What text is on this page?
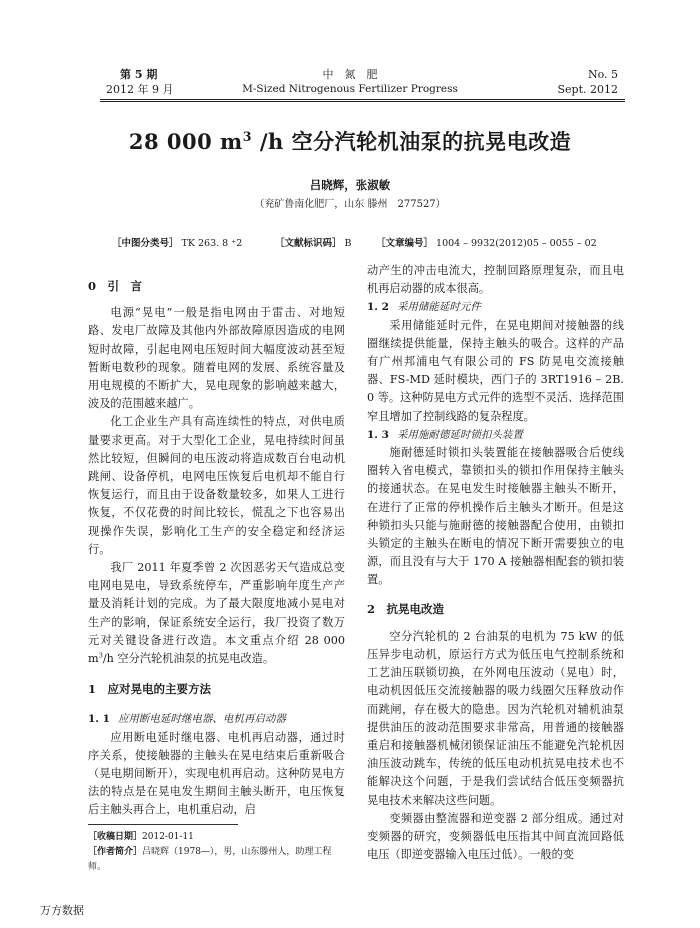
第 5 期
2012 年 9 月
中　氮　肥
M-Sized Nitrogenous Fertilizer Progress
No. 5
Sept. 2012
28 000 $m^3$ /h 空分汽轮机油泵的抗晃电改造
吕晓辉，张淑敏
（兖矿鲁南化肥厂，山东 滕州　277527）
［中图分类号］ TK 263. 8 ⁺2	［文献标识码］ B	［文章编号］ 1004 – 9932(2012)05 – 0055 – 02
0　引　言

电源“晃电”一般是指电网由于雷击、对地短路、发电厂故障及其他内外部故障原因造成的电网短时故障，引起电网电压短时间大幅度波动甚至短暂断电数秒的现象。随着电网的发展、系统容量及用电规模的不断扩大，晃电现象的影响越来越大，波及的范围越来越广。

化工企业生产具有高连续性的特点，对供电质量要求更高。对于大型化工企业，晃电持续时间虽然比较短，但瞬间的电压波动将造成数百台电动机跳闸、设备停机，电网电压恢复后电机却不能自行恢复运行，而且由于设备数量较多，如果人工进行恢复，不仅花费的时间比较长，慌乱之下也容易出现操作失误，影响化工生产的安全稳定和经济运行。

我厂 2011 年夏季曾 2 次因恶劣天气造成总变电网电晃电，导致系统停车，严重影响年度生产产量及消耗计划的完成。为了最大限度地减小晃电对生产的影响，保证系统安全运行，我厂投资了数万元对关键设备进行改造。本文重点介绍 28 000 $m^3/h$ 空分汽轮机油泵的抗晃电改造。

1　应对晃电的主要方法
1. 1 应用断电延时继电器、电机再启动器

应用断电延时继电器、电机再启动器，通过时序关系，使接触器的主触头在晃电结束后重新吸合（晃电期间断开），实现电机再启动。这种防晃电方法的特点是在晃电发生期间主触头断开，电压恢复后主触头再合上，电机重启动，启

［收稿日期］2012-01-11
［作者简介］吕晓辉（1978—），男，山东滕州人，助理工程师。

动产生的冲击电流大，控制回路原理复杂，而且电机再启动器的成本很高。

1. 2 采用储能延时元件

采用储能延时元件，在晃电期间对接触器的线圈继续提供能量，保持主触头的吸合。这样的产品有广州邦浦电气有限公司的 FS 防晃电交流接触器、FS-MD 延时模块，西门子的 3RT1916 – 2B. 0 等。这种防晃电方式元件的选型不灵活、选择范围窄且增加了控制线路的复杂程度。

1. 3 采用施耐德延时锁扣头装置

施耐德延时锁扣头装置能在接触器吸合后使线圈转入省电模式，靠锁扣头的锁扣作用保持主触头的接通状态。在晃电发生时接触器主触头不断开，在进行了正常的停机操作后主触头才断开。但是这种锁扣头只能与施耐德的接触器配合使用，由锁扣头锁定的主触头在断电的情况下断开需要独立的电源，而且没有与大于 170 A 接触器相配套的锁扣装置。

2　抗晃电改造

空分汽轮机的 2 台油泵的电机为 75 kW 的低压异步电动机，原运行方式为低压电气控制系统和工艺油压联锁切换，在外网电压波动（晃电）时，电动机因低压交流接触器的吸力线圈欠压释放动作而跳闸，存在极大的隐患。因为汽轮机对辅机油泵提供油压的波动范围要求非常高，用普通的接触器重启和接触器机械闭锁保证油压不能避免汽轮机因油压波动跳车，传统的低压电动机抗晃电技术也不能解决这个问题，于是我们尝试结合低压变频器抗晃电技术来解决这些问题。

变频器由整流器和逆变器 2 部分组成。通过对变频器的研究，变频器低电压指其中间直流回路低电压（即逆变器输入电压过低）。一般的变

万方数据
